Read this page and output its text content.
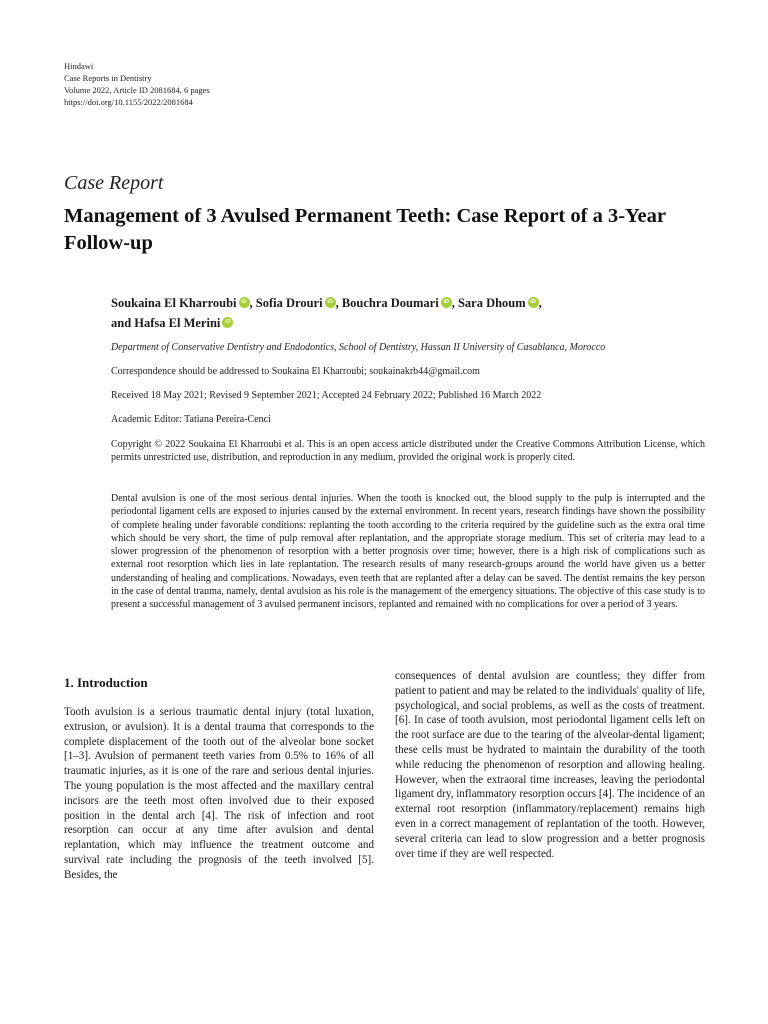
Hindawi
Case Reports in Dentistry
Volume 2022, Article ID 2081684, 6 pages
https://doi.org/10.1155/2022/2081684
Case Report
Management of 3 Avulsed Permanent Teeth: Case Report of a 3-Year Follow-up
Soukaina El Kharroubi iD , Sofia Drouri iD , Bouchra Doumari iD , Sara Dhoum iD ,
and Hafsa El MeriniiD
Department of Conservative Dentistry and Endodontics, School of Dentistry, Hassan II University of Casablanca, Morocco
Correspondence should be addressed to Soukaina El Kharroubi; soukainakrb44@gmail.com
Received 18 May 2021; Revised 9 September 2021; Accepted 24 February 2022; Published 16 March 2022
Academic Editor: Tatiana Pereira-Cenci

Copyright © 2022 Soukaina El Kharroubi et al. This is an open access article distributed under the Creative Commons Attribution License, which permits unrestricted use, distribution, and reproduction in any medium, provided the original work is properly cited.

Dental avulsion is one of the most serious dental injuries. When the tooth is knocked out, the blood supply to the pulp is interrupted and the periodontal ligament cells are exposed to injuries caused by the external environment. In recent years, research findings have shown the possibility of complete healing under favorable conditions: replanting the tooth according to the criteria required by the guideline such as the extra oral time which should be very short, the time of pulp removal after replantation, and the appropriate storage medium. This set of criteria may lead to a slower progression of the phenomenon of resorption with a better prognosis over time; however, there is a high risk of complications such as external root resorption which lies in late replantation. The research results of many research-groups around the world have given us a better understanding of healing and complications. Nowadays, even teeth that are replanted after a delay can be saved. The dentist remains the key person in the case of dental trauma, namely, dental avulsion as his role is the management of the emergency situations. The objective of this case study is to present a successful management of 3 avulsed permanent incisors, replanted and remained with no complications for over a period of 3 years.

1. Introduction

Tooth avulsion is a serious traumatic dental injury (total luxation, extrusion, or avulsion). It is a dental trauma that corresponds to the complete displacement of the tooth out of the alveolar bone socket [1–3]. Avulsion of permanent teeth varies from 0.5% to 16% of all traumatic injuries, as it is one of the rare and serious dental injuries. The young population is the most affected and the maxillary central incisors are the teeth most often involved due to their exposed position in the dental arch [4]. The risk of infection and root resorption can occur at any time after avulsion and dental replantation, which may influence the treatment outcome and survival rate including the prognosis of the teeth involved [5]. Besides, the

consequences of dental avulsion are countless; they differ from patient to patient and may be related to the individuals' quality of life, psychological, and social problems, as well as the costs of treatment. [6]. In case of tooth avulsion, most periodontal ligament cells left on the root surface are due to the tearing of the alveolar-dental ligament; these cells must be hydrated to maintain the durability of the tooth while reducing the phenomenon of resorption and allowing healing. However, when the extraoral time increases, leaving the periodontal ligament dry, inflammatory resorption occurs [4]. The incidence of an external root resorption (inflammatory/replacement) remains high even in a correct management of replantation of the tooth. However, several criteria can lead to slow progression and a better prognosis over time if they are well respected.
